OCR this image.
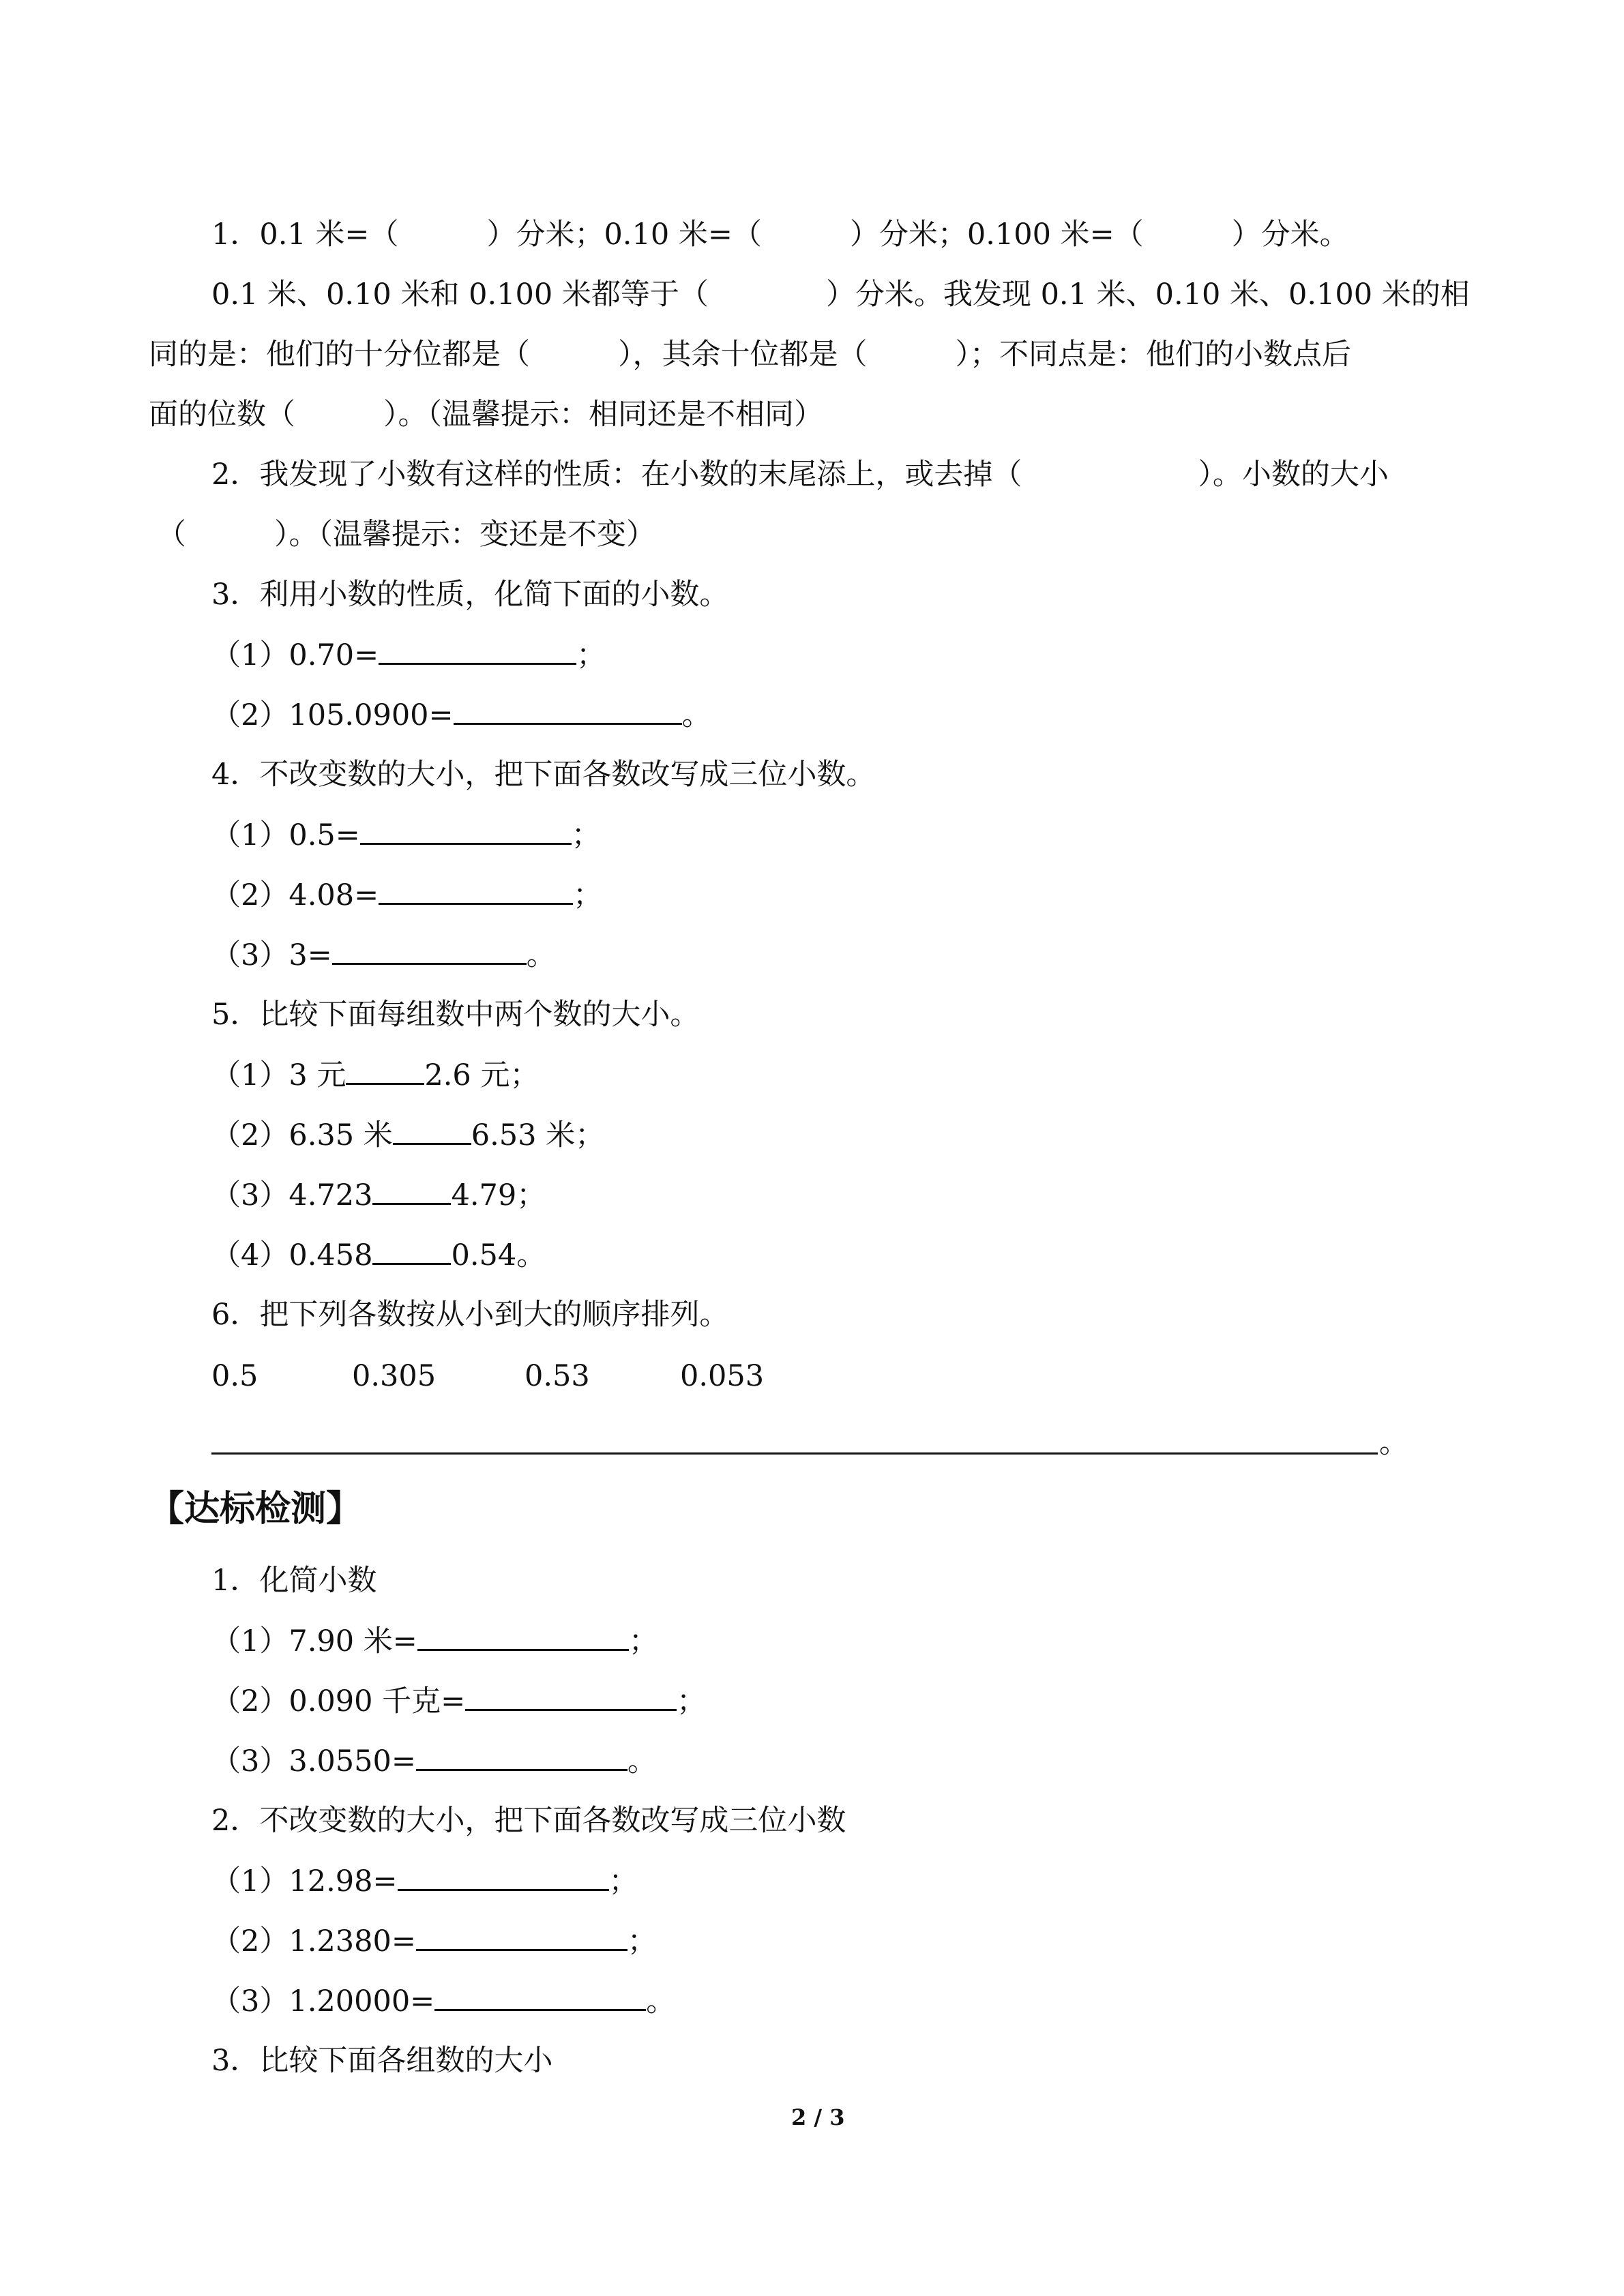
1．0.1 米=（　　　）分米；0.10 米=（　　　）分米；0.100 米=（　　　）分米。
0.1 米、0.10 米和 0.100 米都等于（　　　　）分米。我发现 0.1 米、0.10 米、0.100 米的相
同的是：他们的十分位都是（　　　），其余十位都是（　　　）；不同点是：他们的小数点后
面的位数（　　　）。（温馨提示：相同还是不相同）
2．我发现了小数有这样的性质：在小数的末尾添上，或去掉（　　　　　　）。小数的大小
（　　　）。（温馨提示：变还是不变）
3．利用小数的性质，化简下面的小数。
（1）0.70=	；
（2）105.0900=	。
4．不改变数的大小，把下面各数改写成三位小数。
（1）0.5=	；
（2）4.08=	；
（3）3=	。
5．比较下面每组数中两个数的大小。
（1）3 元	2.6 元；
（2）6.35 米	6.53 米；
（3）4.723	4.79；
（4）0.458	0.54。
6．把下列各数按从小到大的顺序排列。
0.5	0.305	0.53	0.053
。
【达标检测】
1．化简小数
（1）7.90 米=	；
（2）0.090 千克=	；
（3）3.0550=	。
2．不改变数的大小，把下面各数改写成三位小数
（1）12.98=	；
（2）1.2380=	；
（3）1.20000=	。
3．比较下面各组数的大小
2 / 3
